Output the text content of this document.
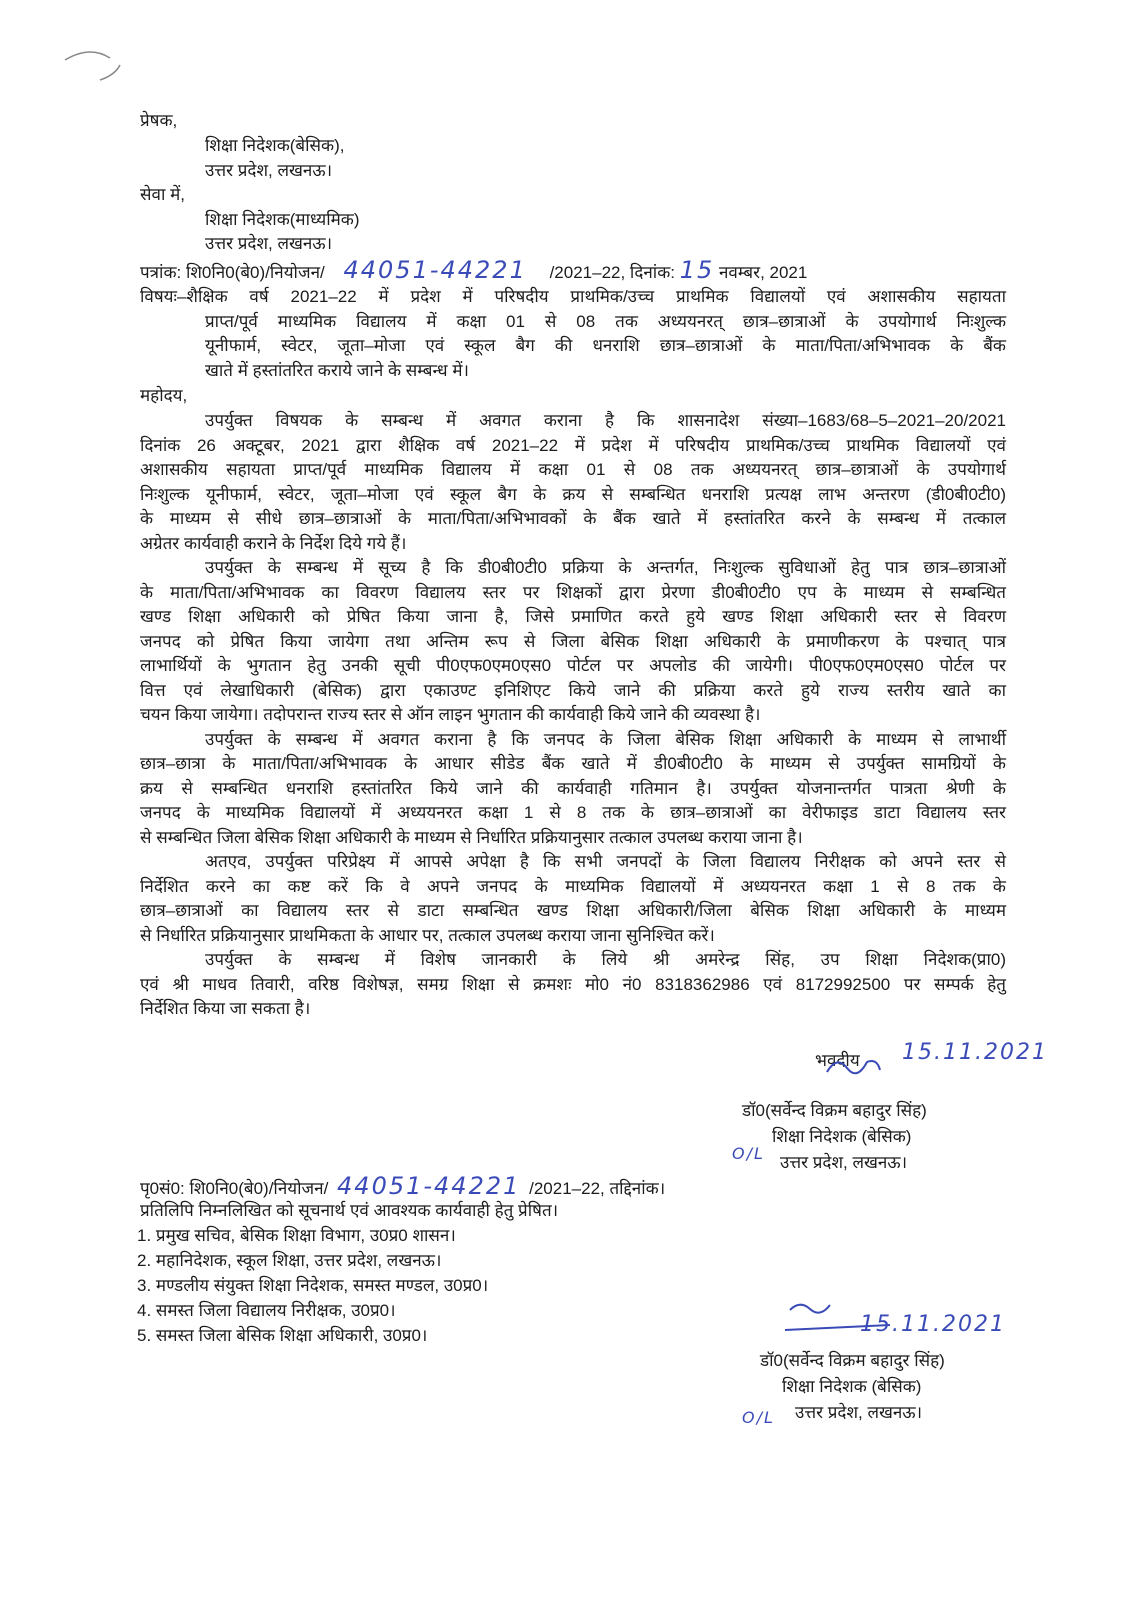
प्रेषक,
शिक्षा निदेशक(बेसिक),
उत्तर प्रदेश, लखनऊ।
सेवा में,
शिक्षा निदेशक(माध्यमिक)
उत्तर प्रदेश, लखनऊ।
पत्रांक: शि0नि0(बे0)/नियोजन/ 44051-44221 /2021–22, दिनांक: 15 नवम्बर, 2021
विषयः–शैक्षिक वर्ष 2021–22 में प्रदेश में परिषदीय प्राथमिक/उच्च प्राथमिक विद्यालयों एवं अशासकीय सहायता
प्राप्त/पूर्व माध्यमिक विद्यालय में कक्षा 01 से 08 तक अध्ययनरत् छात्र–छात्राओं के उपयोगार्थ निःशुल्क
यूनीफार्म, स्वेटर, जूता–मोजा एवं स्कूल बैग की धनराशि छात्र–छात्राओं के माता/पिता/अभिभावक के बैंक
खाते में हस्तांतरित कराये जाने के सम्बन्ध में।
महोदय,
उपर्युक्त विषयक के सम्बन्ध में अवगत कराना है कि शासनादेश संख्या–1683/68–5–2021–20/2021
दिनांक 26 अक्टूबर, 2021 द्वारा शैक्षिक वर्ष 2021–22 में प्रदेश में परिषदीय प्राथमिक/उच्च प्राथमिक विद्यालयों एवं
अशासकीय सहायता प्राप्त/पूर्व माध्यमिक विद्यालय में कक्षा 01 से 08 तक अध्ययनरत् छात्र–छात्राओं के उपयोगार्थ
निःशुल्क यूनीफार्म, स्वेटर, जूता–मोजा एवं स्कूल बैग के क्रय से सम्बन्धित धनराशि प्रत्यक्ष लाभ अन्तरण (डी0बी0टी0)
के माध्यम से सीधे छात्र–छात्राओं के माता/पिता/अभिभावकों के बैंक खाते में हस्तांतरित करने के सम्बन्ध में तत्काल
अग्रेतर कार्यवाही कराने के निर्देश दिये गये हैं।
उपर्युक्त के सम्बन्ध में सूच्य है कि डी0बी0टी0 प्रक्रिया के अन्तर्गत, निःशुल्क सुविधाओं हेतु पात्र छात्र–छात्राओं
के माता/पिता/अभिभावक का विवरण विद्यालय स्तर पर शिक्षकों द्वारा प्रेरणा डी0बी0टी0 एप के माध्यम से सम्बन्धित
खण्ड शिक्षा अधिकारी को प्रेषित किया जाना है, जिसे प्रमाणित करते हुये खण्ड शिक्षा अधिकारी स्तर से विवरण
जनपद को प्रेषित किया जायेगा तथा अन्तिम रूप से जिला बेसिक शिक्षा अधिकारी के प्रमाणीकरण के पश्चात् पात्र
लाभार्थियों के भुगतान हेतु उनकी सूची पी0एफ0एम0एस0 पोर्टल पर अपलोड की जायेगी। पी0एफ0एम0एस0 पोर्टल पर
वित्त एवं लेखाधिकारी (बेसिक) द्वारा एकाउण्ट इनिशिएट किये जाने की प्रक्रिया करते हुये राज्य स्तरीय खाते का
चयन किया जायेगा। तदोपरान्त राज्य स्तर से ऑन लाइन भुगतान की कार्यवाही किये जाने की व्यवस्था है।
उपर्युक्त के सम्बन्ध में अवगत कराना है कि जनपद के जिला बेसिक शिक्षा अधिकारी के माध्यम से लाभार्थी
छात्र–छात्रा के माता/पिता/अभिभावक के आधार सीडेड बैंक खाते में डी0बी0टी0 के माध्यम से उपर्युक्त सामग्रियों के
क्रय से सम्बन्धित धनराशि हस्तांतरित किये जाने की कार्यवाही गतिमान है। उपर्युक्त योजनान्तर्गत पात्रता श्रेणी के
जनपद के माध्यमिक विद्यालयों में अध्ययनरत कक्षा 1 से 8 तक के छात्र–छात्राओं का वेरीफाइड डाटा विद्यालय स्तर
से सम्बन्धित जिला बेसिक शिक्षा अधिकारी के माध्यम से निर्धारित प्रक्रियानुसार तत्काल उपलब्ध कराया जाना है।
अतएव, उपर्युक्त परिप्रेक्ष्य में आपसे अपेक्षा है कि सभी जनपदों के जिला विद्यालय निरीक्षक को अपने स्तर से
निर्देशित करने का कष्ट करें कि वे अपने जनपद के माध्यमिक विद्यालयों में अध्ययनरत कक्षा 1 से 8 तक के
छात्र–छात्राओं का विद्यालय स्तर से डाटा सम्बन्धित खण्ड शिक्षा अधिकारी/जिला बेसिक शिक्षा अधिकारी के माध्यम
से निर्धारित प्रक्रियानुसार प्राथमिकता के आधार पर, तत्काल उपलब्ध कराया जाना सुनिश्चित करें।
उपर्युक्त के सम्बन्ध में विशेष जानकारी के लिये श्री अमरेन्द्र सिंह, उप शिक्षा निदेशक(प्रा0)
एवं श्री माधव तिवारी, वरिष्ठ विशेषज्ञ, समग्र शिक्षा से क्रमशः मो0 नं0 8318362986 एवं 8172992500 पर सम्पर्क हेतु
निर्देशित किया जा सकता है।
भवदीय 15.11.2021
डॉ0(सर्वेन्द विक्रम बहादुर सिंह)
शिक्षा निदेशक (बेसिक)
O/L उत्तर प्रदेश, लखनऊ।
पृ0सं0: शि0नि0(बे0)/नियोजन/ 44051-44221 /2021–22, तद्दिनांक।
प्रतिलिपि निम्नलिखित को सूचनार्थ एवं आवश्यक कार्यवाही हेतु प्रेषित।
1. प्रमुख सचिव, बेसिक शिक्षा विभाग, उ0प्र0 शासन।
2. महानिदेशक, स्कूल शिक्षा, उत्तर प्रदेश, लखनऊ।
3. मण्डलीय संयुक्त शिक्षा निदेशक, समस्त मण्डल, उ0प्र0।
4. समस्त जिला विद्यालय निरीक्षक, उ0प्र0।
5. समस्त जिला बेसिक शिक्षा अधिकारी, उ0प्र0।	15.11.2021
डॉ0(सर्वेन्द विक्रम बहादुर सिंह)
शिक्षा निदेशक (बेसिक)
O/L उत्तर प्रदेश, लखनऊ।
